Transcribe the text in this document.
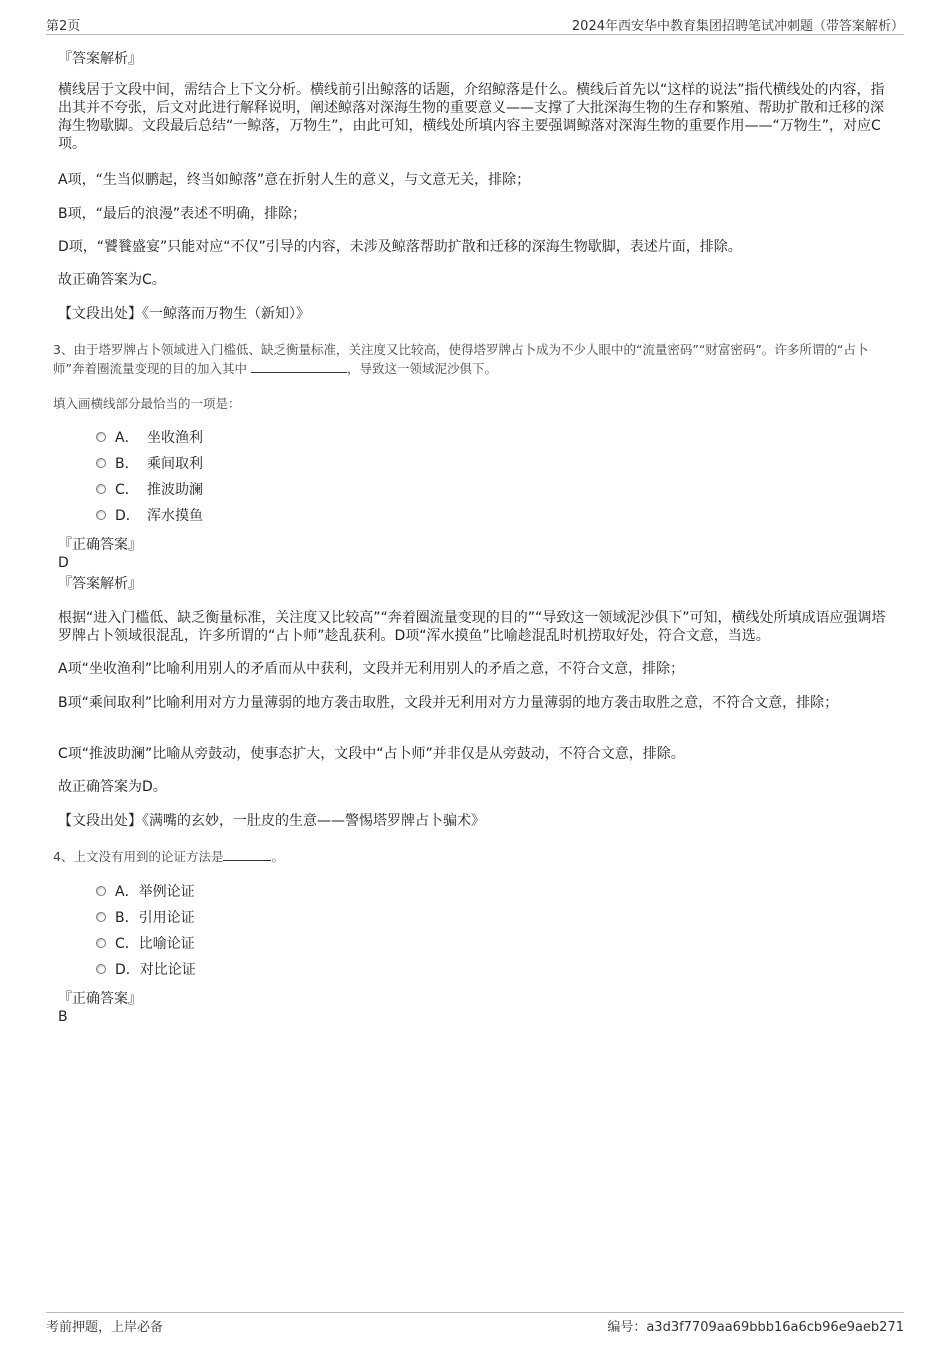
第2页	2024年西安华中教育集团招聘笔试冲刺题（带答案解析）
『答案解析』
横线居于文段中间，需结合上下文分析。横线前引出鲸落的话题，介绍鲸落是什么。横线后首先以“这样的说法”指代横线处的内容，指出其并不夸张，后文对此进行解释说明，阐述鲸落对深海生物的重要意义——支撑了大批深海生物的生存和繁殖、帮助扩散和迁移的深海生物歇脚。文段最后总结“一鲸落，万物生”，由此可知，横线处所填内容主要强调鲸落对深海生物的重要作用——“万物生”，对应C项。
A项，“生当似鹏起，终当如鲸落”意在折射人生的意义，与文意无关，排除；
B项，“最后的浪漫”表述不明确，排除；
D项，“饕餮盛宴”只能对应“不仅”引导的内容，未涉及鲸落帮助扩散和迁移的深海生物歇脚，表述片面，排除。
故正确答案为C。
【文段出处】《一鲸落而万物生（新知）》
3、由于塔罗牌占卜领域进入门槛低、缺乏衡量标准，关注度又比较高，使得塔罗牌占卜成为不少人眼中的“流量密码”“财富密码”。许多所谓的“占卜师”奔着圈流量变现的目的加入其中	，导致这一领域泥沙俱下。
填入画横线部分最恰当的一项是：
A． 坐收渔利
B． 乘间取利
C． 推波助澜
D． 浑水摸鱼
『正确答案』
D
『答案解析』
根据“进入门槛低、缺乏衡量标准，关注度又比较高”“奔着圈流量变现的目的”“导致这一领域泥沙俱下”可知，横线处所填成语应强调塔罗牌占卜领域很混乱，许多所谓的“占卜师”趁乱获利。D项“浑水摸鱼”比喻趁混乱时机捞取好处，符合文意，当选。
A项“坐收渔利”比喻利用别人的矛盾而从中获利，文段并无利用别人的矛盾之意，不符合文意，排除；
B项“乘间取利”比喻利用对方力量薄弱的地方袭击取胜，文段并无利用对方力量薄弱的地方袭击取胜之意，不符合文意，排除；
C项“推波助澜”比喻从旁鼓动，使事态扩大，文段中“占卜师”并非仅是从旁鼓动，不符合文意，排除。
故正确答案为D。
【文段出处】《满嘴的玄妙，一肚皮的生意——警惕塔罗牌占卜骗术》
4、上文没有用到的论证方法是	。
A．举例论证
B．引用论证
C．比喻论证
D．对比论证
『正确答案』
B
考前押题，上岸必备	编号：a3d3f7709aa69bbb16a6cb96e9aeb271
